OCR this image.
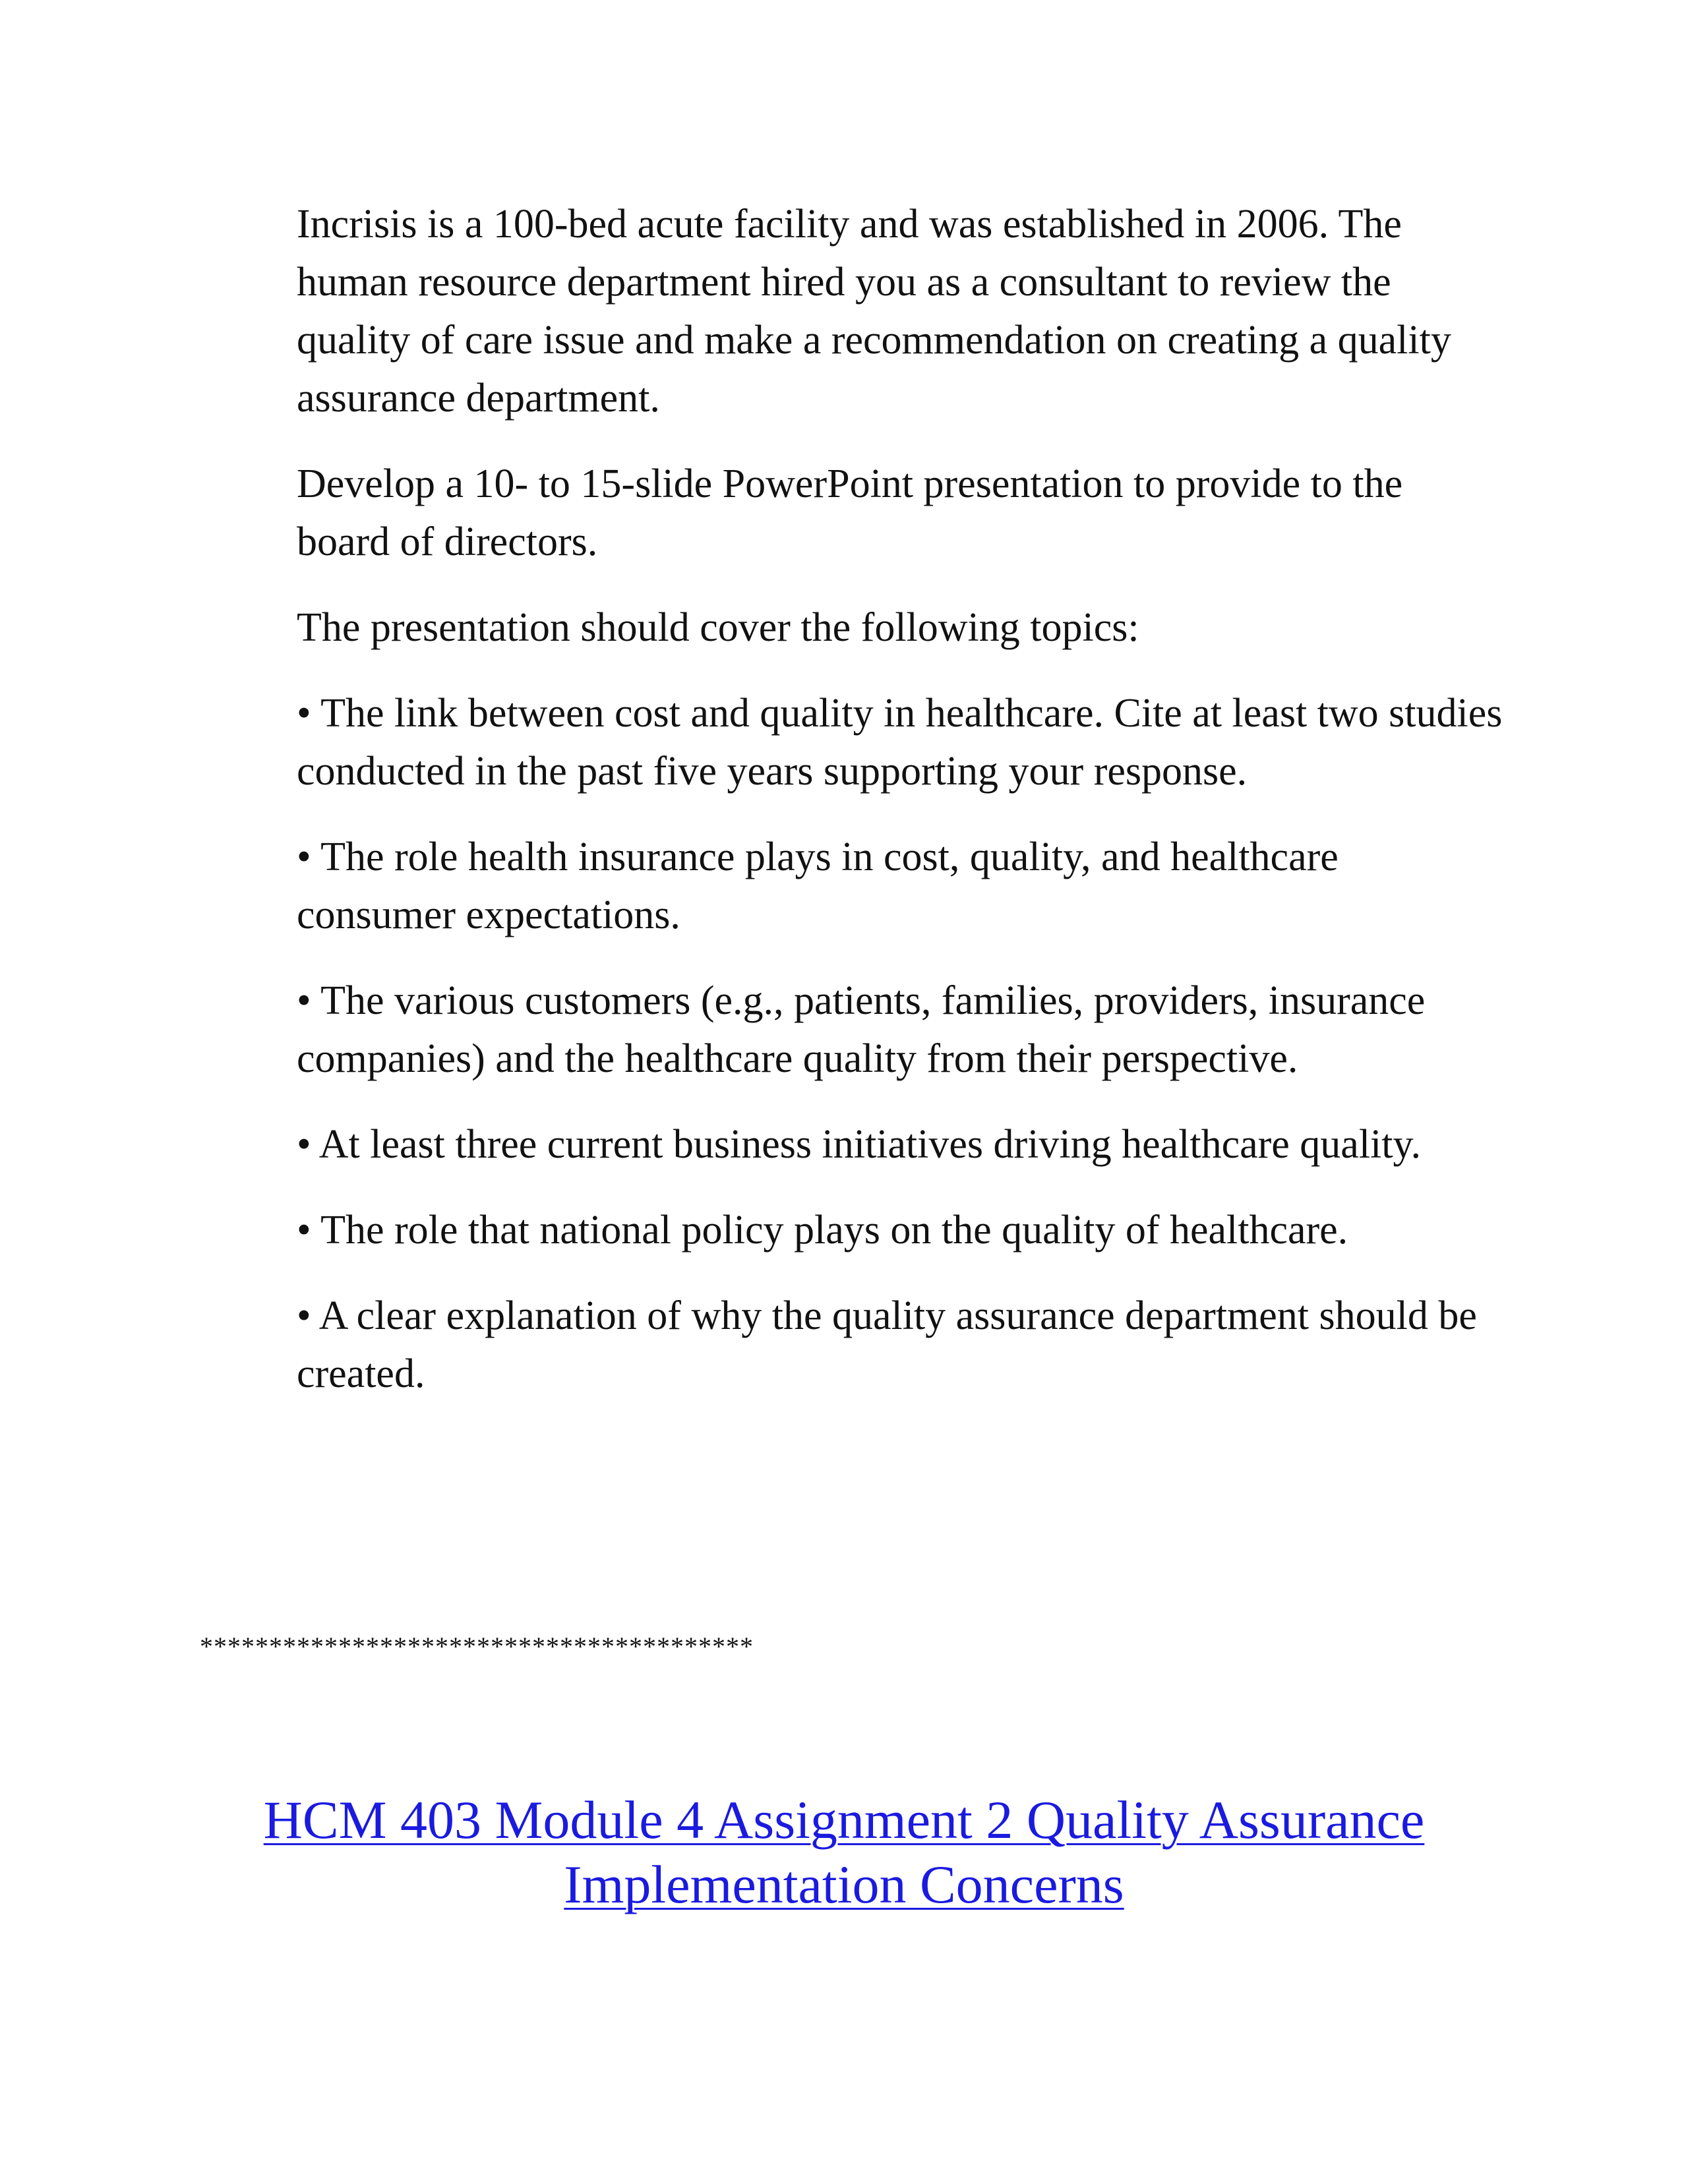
Incrisis is a 100-bed acute facility and was established in 2006. The human resource department hired you as a consultant to review the quality of care issue and make a recommendation on creating a quality assurance department.

Develop a 10- to 15-slide PowerPoint presentation to provide to the board of directors.

The presentation should cover the following topics:

• The link between cost and quality in healthcare. Cite at least two studies conducted in the past five years supporting your response.

• The role health insurance plays in cost, quality, and healthcare consumer expectations.

• The various customers (e.g., patients, families, providers, insurance companies) and the healthcare quality from their perspective.

• At least three current business initiatives driving healthcare quality.

• The role that national policy plays on the quality of healthcare.

• A clear explanation of why the quality assurance department should be created.

****************************************
HCM 403 Module 4 Assignment 2 Quality Assurance Implementation Concerns
